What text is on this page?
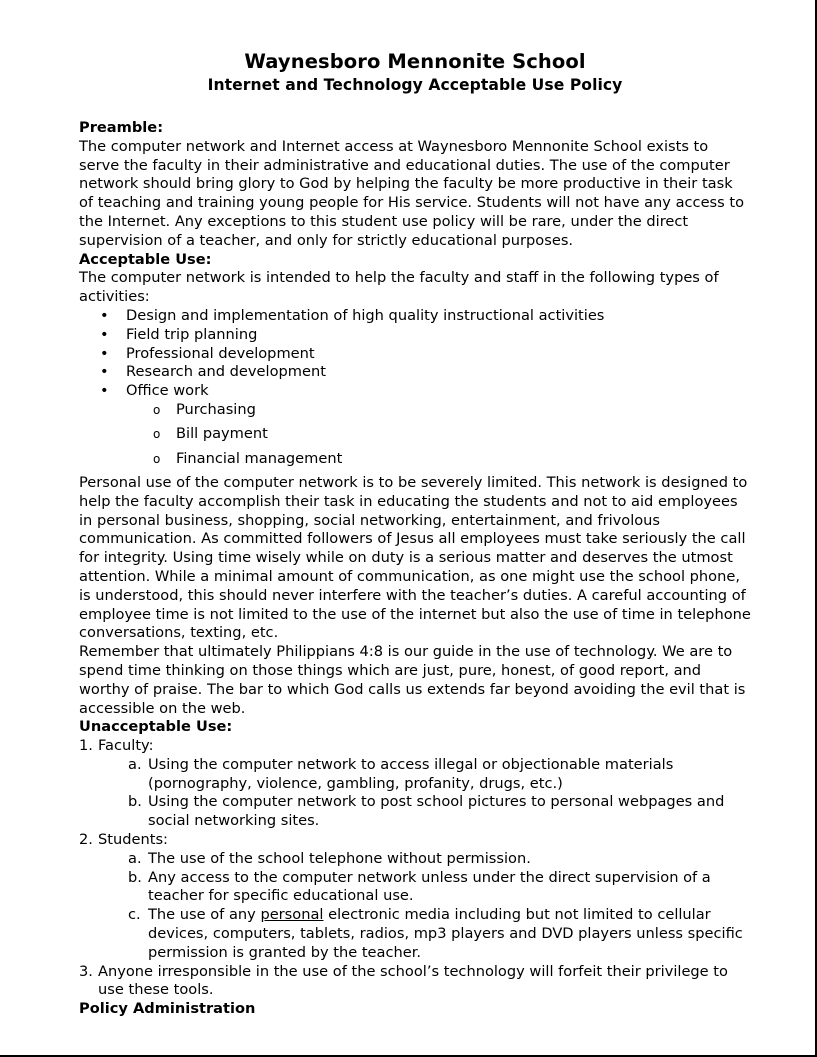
Waynesboro Mennonite School
Internet and Technology Acceptable Use Policy
Preamble:

The computer network and Internet access at Waynesboro Mennonite School exists to serve the faculty in their administrative and educational duties. The use of the computer network should bring glory to God by helping the faculty be more productive in their task of teaching and training young people for His service. Students will not have any access to the Internet. Any exceptions to this student use policy will be rare, under the direct supervision of a teacher, and only for strictly educational purposes.

Acceptable Use:

The computer network is intended to help the faculty and staff in the following types of activities:

• Design and implementation of high quality instructional activities
• Field trip planning
• Professional development
• Research and development
• Office work
o Purchasing
o Bill payment
o Financial management

Personal use of the computer network is to be severely limited. This network is designed to help the faculty accomplish their task in educating the students and not to aid employees in personal business, shopping, social networking, entertainment, and frivolous communication. As committed followers of Jesus all employees must take seriously the call for integrity. Using time wisely while on duty is a serious matter and deserves the utmost attention. While a minimal amount of communication, as one might use the school phone, is understood, this should never interfere with the teacher’s duties. A careful accounting of employee time is not limited to the use of the internet but also the use of time in telephone conversations, texting, etc.

Remember that ultimately Philippians 4:8 is our guide in the use of technology. We are to spend time thinking on those things which are just, pure, honest, of good report, and worthy of praise. The bar to which God calls us extends far beyond avoiding the evil that is accessible on the web.

Unacceptable Use:
1. Faculty:
a. Using the computer network to access illegal or objectionable materials (pornography, violence, gambling, profanity, drugs, etc.)
b. Using the computer network to post school pictures to personal webpages and social networking sites.
2. Students:
a. The use of the school telephone without permission.
b. Any access to the computer network unless under the direct supervision of a teacher for specific educational use.
c. The use of any personal electronic media including but not limited to cellular devices, computers, tablets, radios, mp3 players and DVD players unless specific permission is granted by the teacher.
3. Anyone irresponsible in the use of the school’s technology will forfeit their privilege to use these tools.
Policy Administration
